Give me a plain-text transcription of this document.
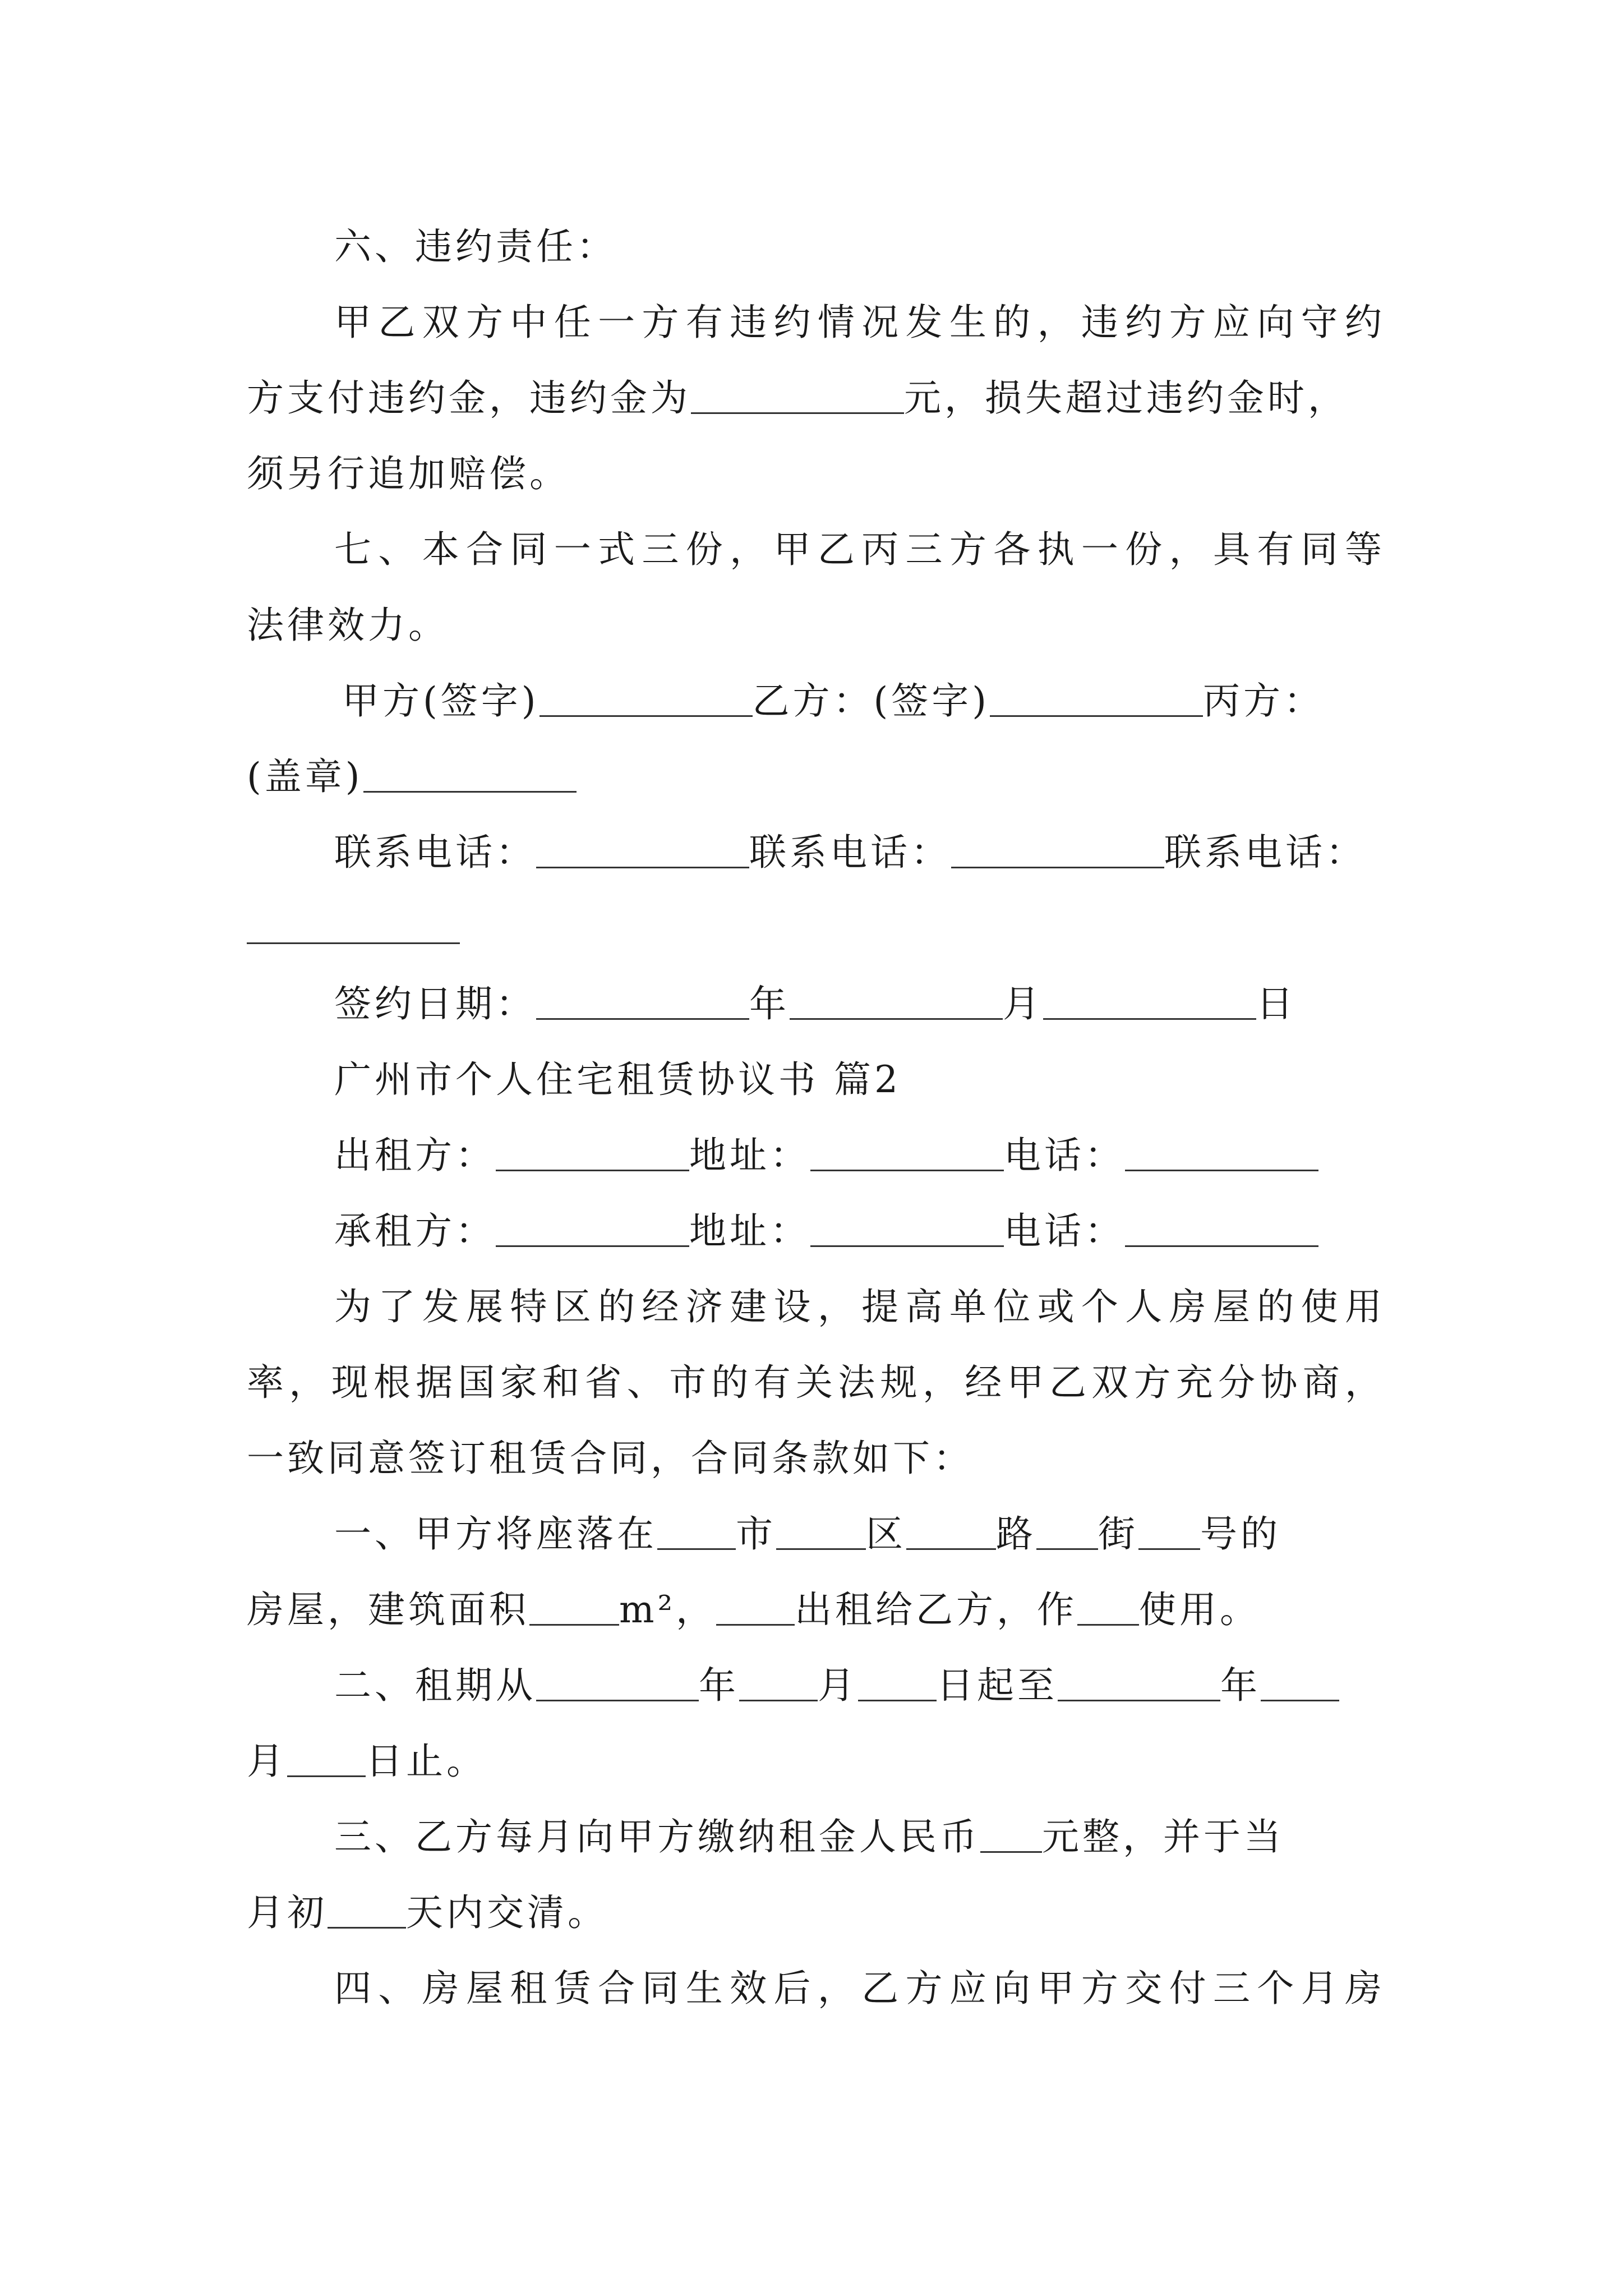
六、违约责任：
甲乙双方中任一方有违约情况发生的，违约方应向守约
方支付违约金，违约金为	元，损失超过违约金时，
须另行追加赔偿。
七、本合同一式三份，甲乙丙三方各执一份，具有同等
法律效力。
甲方(签字)	乙方：(签字)	丙方：
(盖章)
联系电话：	联系电话：	联系电话：
签约日期：	年	月	日
广州市个人住宅租赁协议书 篇2
出租方：	地址：	电话：
承租方：	地址：	电话：
为了发展特区的经济建设，提高单位或个人房屋的使用
率，现根据国家和省、市的有关法规，经甲乙双方充分协商，
一致同意签订租赁合同，合同条款如下：
一、甲方将座落在 市 区 路 街 号的
房屋，建筑面积 m²， 出租给乙方，作 使用。
二、租期从	年 月 日起至	年
月 日止。
三、乙方每月向甲方缴纳租金人民币 元整，并于当
月初 天内交清。
四、房屋租赁合同生效后，乙方应向甲方交付三个月房
